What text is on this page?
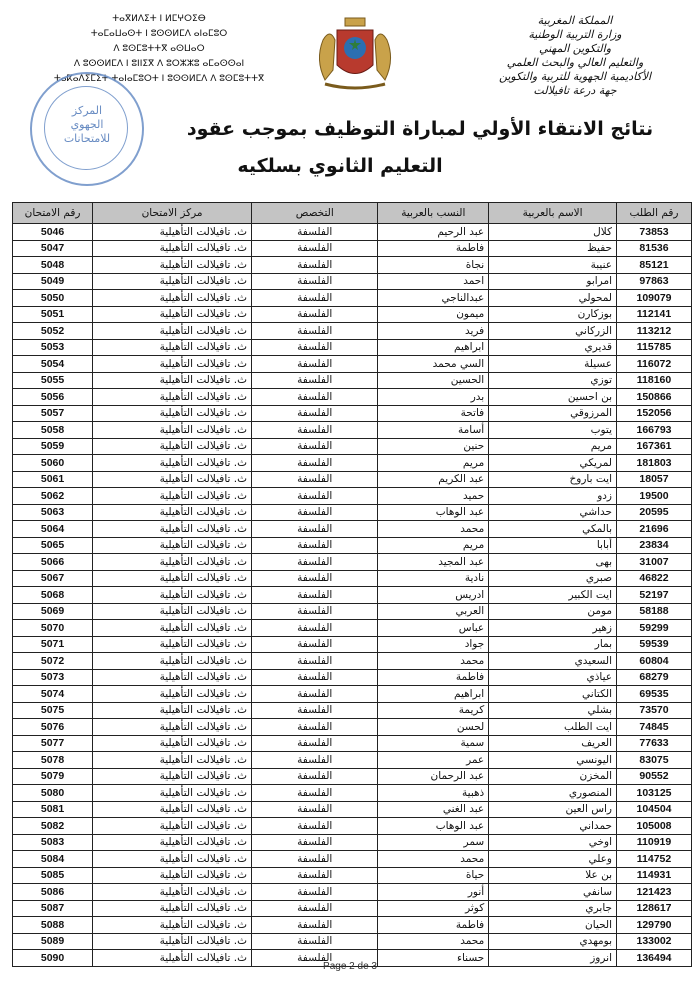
ⵜⴰⴳⵍⴷⵉⵜ ⵏ ⵍⵎⵖⵔⵉⴱ
ⵜⴰⵎⴰⵡⴰⵙⵜ ⵏ ⵓⵙⵙⵍⵎⴷ ⴰⵏⴰⵎⵓⵔ
ⴷ ⵓⵙⵎⵓⵜⵜⴳ ⴰⵙⵡⴰⵔ
ⴷ ⵓⵙⵙⵍⵎⴷ ⵏ ⵓⵏⵏⵉⴳ ⴷ ⵓⵔⵣⵣⵓ ⴰⵎⴰⵙⵙⴰⵏ
ⵜⴰⴽⴰⴷⵉⵎⵉⵜ ⵜⴰⵏⴰⵎⵓⵔⵜ ⵏ ⵓⵙⵙⵍⵎⴷ ⴷ ⵓⵙⵎⵓⵜⵜⴳ
المملكة المغربية
وزارة التربية الوطنية
والتكوين المهني
والتعليم العالي والبحث العلمي
الأكاديمية الجهوية للتربية والتكوين
جهة درعة تافيلالت
المركز
الجهوي
للامتحانات	نتائج الانتقاء الأولي لمباراة التوظيف بموجب عقود
التعليم الثانوي بسلكيه
رقم الطلب	الاسم بالعربية	النسب بالعربية	التخصص	مركز الامتحان	رقم الامتحان
73853	كلال	عبد الرحيم	الفلسفة	ث. تافيلالت التأهيلية	5046
81536	حفيظ	فاطمة	الفلسفة	ث. تافيلالت التأهيلية	5047
85121	عنيبة	نجاة	الفلسفة	ث. تافيلالت التأهيلية	5048
97863	امرابو	احمد	الفلسفة	ث. تافيلالت التأهيلية	5049
109079	لمحولي	عبدالناجي	الفلسفة	ث. تافيلالت التأهيلية	5050
112141	بوزكارن	ميمون	الفلسفة	ث. تافيلالت التأهيلية	5051
113212	الزركاني	فريد	الفلسفة	ث. تافيلالت التأهيلية	5052
115785	قديري	ابراهيم	الفلسفة	ث. تافيلالت التأهيلية	5053
116072	عسيلة	السي محمد	الفلسفة	ث. تافيلالت التأهيلية	5054
118160	توزي	الحسين	الفلسفة	ث. تافيلالت التأهيلية	5055
150866	بن احسين	بدر	الفلسفة	ث. تافيلالت التأهيلية	5056
152056	المرزوقي	فاتحة	الفلسفة	ث. تافيلالت التأهيلية	5057
166793	يتوب	أسامة	الفلسفة	ث. تافيلالت التأهيلية	5058
167361	مريم	حنين	الفلسفة	ث. تافيلالت التأهيلية	5059
181803	لمريكي	مريم	الفلسفة	ث. تافيلالت التأهيلية	5060
18057	ايت باروخ	عبد الكريم	الفلسفة	ث. تافيلالت التأهيلية	5061
19500	زدو	حميد	الفلسفة	ث. تافيلالت التأهيلية	5062
20595	حداشي	عبد الوهاب	الفلسفة	ث. تافيلالت التأهيلية	5063
21696	بالمكي	محمد	الفلسفة	ث. تافيلالت التأهيلية	5064
23834	أبابا	مريم	الفلسفة	ث. تافيلالت التأهيلية	5065
31007	بهى	عبد المجيد	الفلسفة	ث. تافيلالت التأهيلية	5066
46822	صبري	نادية	الفلسفة	ث. تافيلالت التأهيلية	5067
52197	ايت الكبير	ادريس	الفلسفة	ث. تافيلالت التأهيلية	5068
58188	مومن	العربي	الفلسفة	ث. تافيلالت التأهيلية	5069
59299	زهير	عباس	الفلسفة	ث. تافيلالت التأهيلية	5070
59539	بمار	جواد	الفلسفة	ث. تافيلالت التأهيلية	5071
60804	السعيدي	محمد	الفلسفة	ث. تافيلالت التأهيلية	5072
68279	عياذي	فاطمة	الفلسفة	ث. تافيلالت التأهيلية	5073
69535	الكتاني	ابراهيم	الفلسفة	ث. تافيلالت التأهيلية	5074
73570	بشلي	كريمة	الفلسفة	ث. تافيلالت التأهيلية	5075
74845	ايت الطلب	لحسن	الفلسفة	ث. تافيلالت التأهيلية	5076
77633	العريف	سمية	الفلسفة	ث. تافيلالت التأهيلية	5077
83075	اليونسي	عمر	الفلسفة	ث. تافيلالت التأهيلية	5078
90552	المخزن	عبد الرحمان	الفلسفة	ث. تافيلالت التأهيلية	5079
103125	المنصوري	ذهبية	الفلسفة	ث. تافيلالت التأهيلية	5080
104504	راس العين	عبد الغني	الفلسفة	ث. تافيلالت التأهيلية	5081
105008	حمداني	عبد الوهاب	الفلسفة	ث. تافيلالت التأهيلية	5082
110919	اوخي	سمر	الفلسفة	ث. تافيلالت التأهيلية	5083
114752	وعلي	محمد	الفلسفة	ث. تافيلالت التأهيلية	5084
114931	بن علا	حياة	الفلسفة	ث. تافيلالت التأهيلية	5085
121423	سانفي	أنور	الفلسفة	ث. تافيلالت التأهيلية	5086
128617	جابري	كوثر	الفلسفة	ث. تافيلالت التأهيلية	5087
129790	الحيان	فاطمة	الفلسفة	ث. تافيلالت التأهيلية	5088
133002	بومهدي	محمد	الفلسفة	ث. تافيلالت التأهيلية	5089
136494	انروز	حسناء	الفلسفة	ث. تافيلالت التأهيلية	5090
Page 2 de 3
